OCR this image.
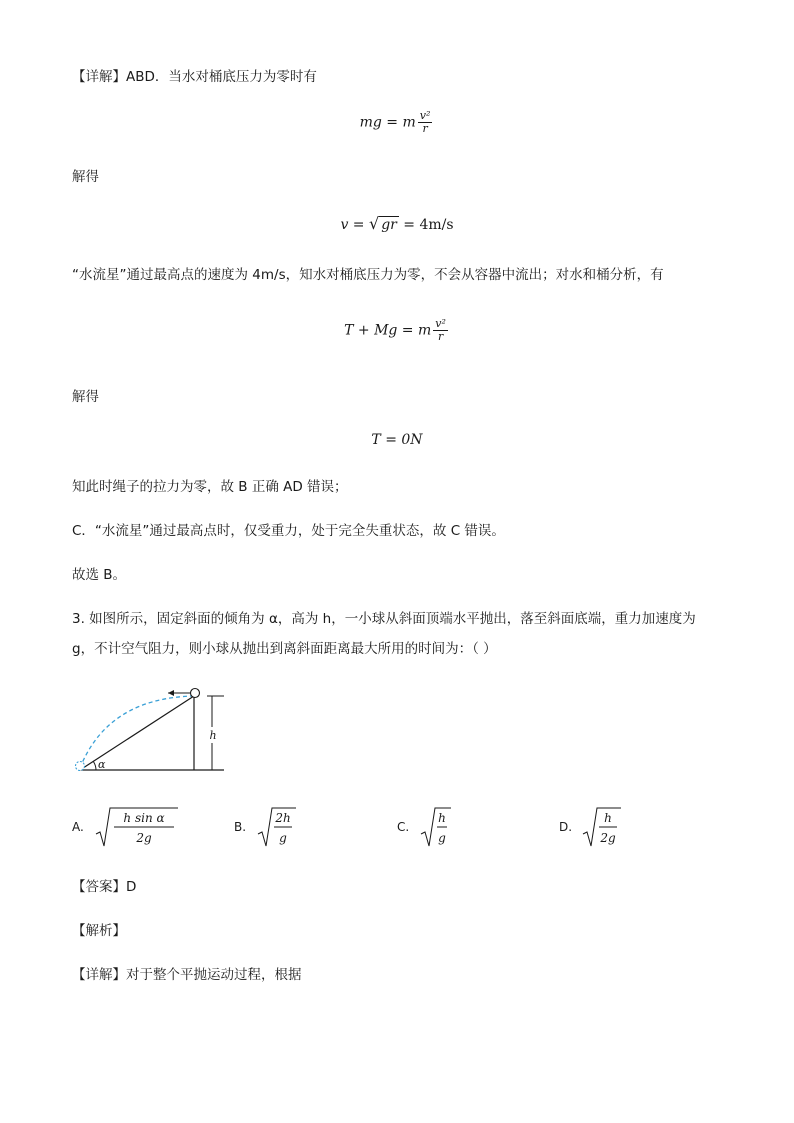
【详解】ABD．当水对桶底压力为零时有
mg = m $\frac{\text{v²}}{r}$
解得
v = √ gr = 4m/s
“水流星”通过最高点的速度为 4m/s，知水对桶底压力为零，不会从容器中流出；对水和桶分析，有
T + Mg = m $\frac{\text{v²}}{r}$
解得
T = 0N
知此时绳子的拉力为零，故 B 正确 AD 错误；
C．“水流星”通过最高点时，仅受重力，处于完全失重状态，故 C 错误。
故选 B。
3. 如图所示，固定斜面的倾角为 α，高为 h，一小球从斜面顶端水平抛出，落至斜面底端，重力加速度为
g，不计空气阻力，则小球从抛出到离斜面距离最大所用的时间为：（ ）
h
α
A.
h sin α
2g
B.
2h
g
C.
h
g
D.
h
2g
【答案】D
【解析】
【详解】对于整个平抛运动过程，根据
